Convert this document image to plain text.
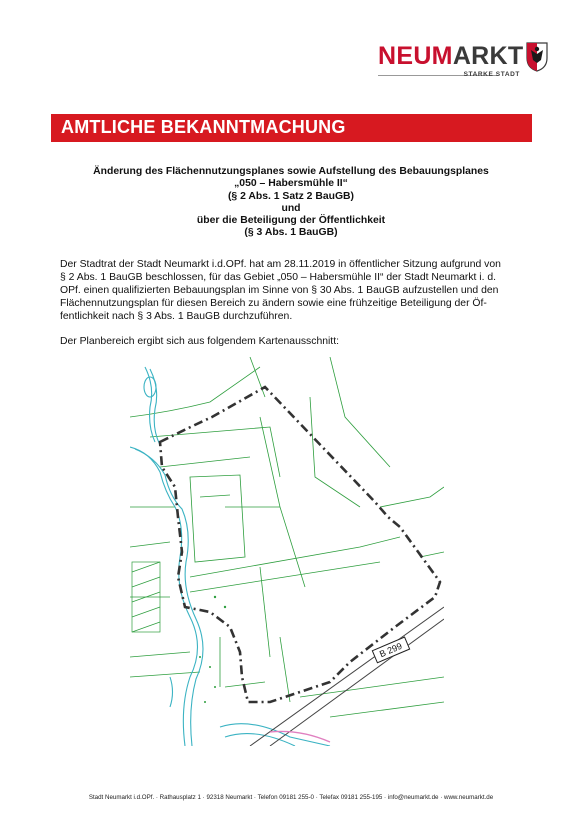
NEUMARKT
STARKE STADT
AMTLICHE BEKANNTMACHUNG
Änderung des Flächennutzungsplanes sowie Aufstellung des Bebauungsplanes
„050 – Habersmühle II“
(§ 2 Abs. 1 Satz 2 BauGB)
und
über die Beteiligung der Öffentlichkeit
(§ 3 Abs. 1 BauGB)
Der Stadtrat der Stadt Neumarkt i.d.OPf. hat am 28.11.2019 in öffentlicher Sitzung aufgrund von
§ 2 Abs. 1 BauGB beschlossen, für das Gebiet „050 – Habersmühle II“ der Stadt Neumarkt i. d.
OPf. einen qualifizierten Bebauungsplan im Sinne von § 30 Abs. 1 BauGB aufzustellen und den
Flächennutzungsplan für diesen Bereich zu ändern sowie eine frühzeitige Beteiligung der Öf-
fentlichkeit nach § 3 Abs. 1 BauGB durchzuführen.
Der Planbereich ergibt sich aus folgendem Kartenausschnitt:
B 299
Stadt Neumarkt i.d.OPf. · Rathausplatz 1 · 92318 Neumarkt · Telefon 09181 255-0 · Telefax 09181 255-195 · info@neumarkt.de · www.neumarkt.de
